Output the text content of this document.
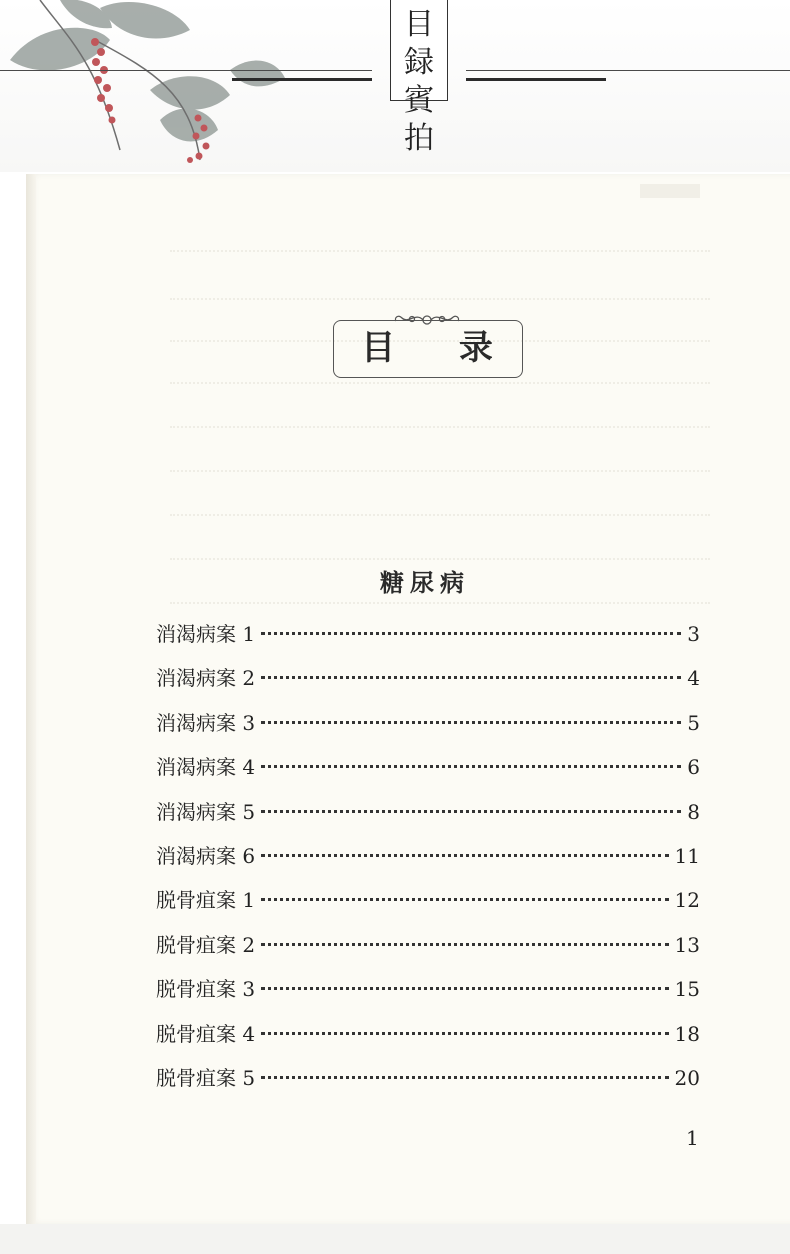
目
録
賓
拍
目 录
糖尿病
消渴病案 1	3
消渴病案 2	4
消渴病案 3	5
消渴病案 4	6
消渴病案 5	8
消渴病案 6	11
脱骨疽案 1	12
脱骨疽案 2	13
脱骨疽案 3	15
脱骨疽案 4	18
脱骨疽案 5	20
1
